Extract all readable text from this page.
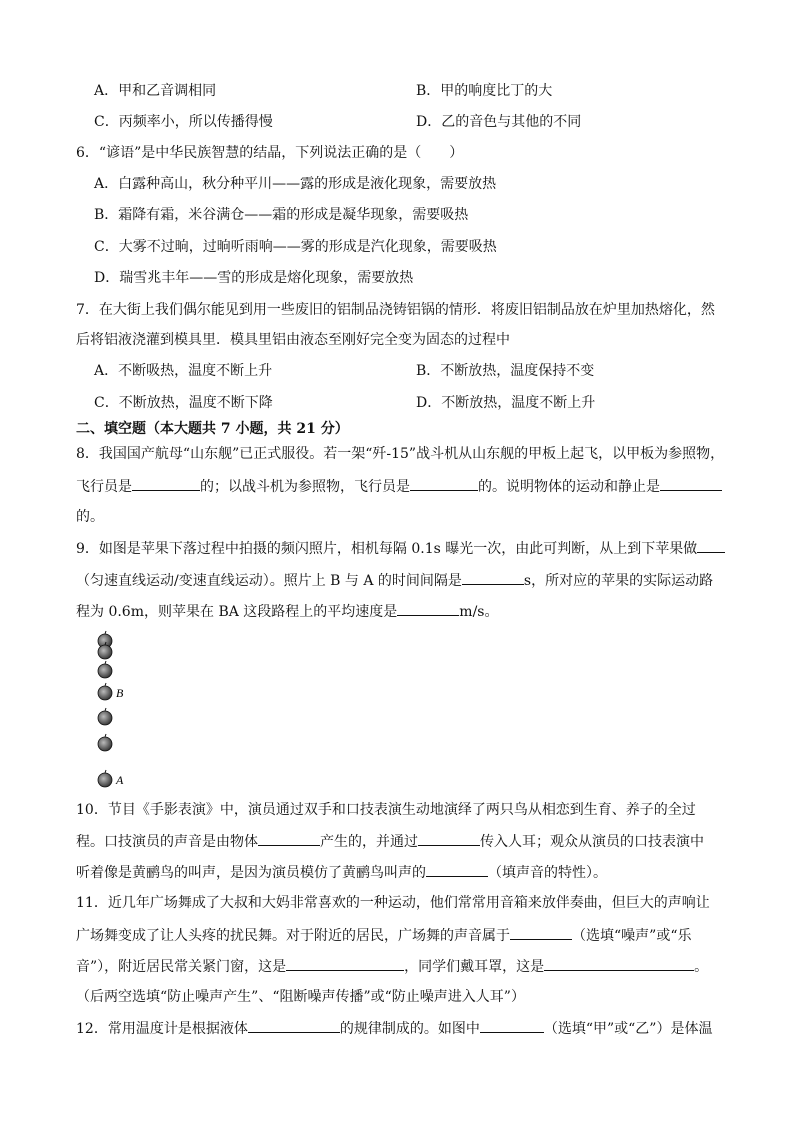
A．甲和乙音调相同	B．甲的响度比丁的大
C．丙频率小，所以传播得慢	D．乙的音色与其他的不同
6．“谚语”是中华民族智慧的结晶，下列说法正确的是（　　）
A．白露种高山，秋分种平川——露的形成是液化现象，需要放热
B．霜降有霜，米谷满仓——霜的形成是凝华现象，需要吸热
C．大雾不过晌，过晌听雨响——雾的形成是汽化现象，需要吸热
D．瑞雪兆丰年——雪的形成是熔化现象，需要放热
7．在大街上我们偶尔能见到用一些废旧的铝制品浇铸铝锅的情形．将废旧铝制品放在炉里加热熔化，然
后将铝液浇灌到模具里．模具里铝由液态至刚好完全变为固态的过程中
A．不断吸热，温度不断上升	B．不断放热，温度保持不变
C．不断放热，温度不断下降	D．不断放热，温度不断上升
二、填空题（本大题共 7 小题，共 21 分）
8．我国国产航母“山东舰”已正式服役。若一架“歼-15”战斗机从山东舰的甲板上起飞，以甲板为参照物，
飞行员是	的；以战斗机为参照物，飞行员是	的。说明物体的运动和静止是
的。
9．如图是苹果下落过程中拍摄的频闪照片，相机每隔 0.1s 曝光一次，由此可判断，从上到下苹果做
（匀速直线运动/变速直线运动）。照片上 B 与 A 的时间间隔是	s，所对应的苹果的实际运动路
程为 0.6m，则苹果在 BA 这段路程上的平均速度是	m/s。
B
A
10．节目《手影表演》中，演员通过双手和口技表演生动地演绎了两只鸟从相恋到生育、养子的全过
程。口技演员的声音是由物体	产生的，并通过	传入人耳；观众从演员的口技表演中
听着像是黄鹂鸟的叫声，是因为演员模仿了黄鹂鸟叫声的	（填声音的特性）。
11．近几年广场舞成了大叔和大妈非常喜欢的一种运动，他们常常用音箱来放伴奏曲，但巨大的声响让
广场舞变成了让人头疼的扰民舞。对于附近的居民，广场舞的声音属于	（选填“噪声”或“乐
音”），附近居民常关紧门窗，这是	，同学们戴耳罩，这是	。
（后两空选填“防止噪声产生”、“阻断噪声传播”或“防止噪声进入人耳”）
12．常用温度计是根据液体	的规律制成的。如图中	（选填“甲”或“乙”）是体温
